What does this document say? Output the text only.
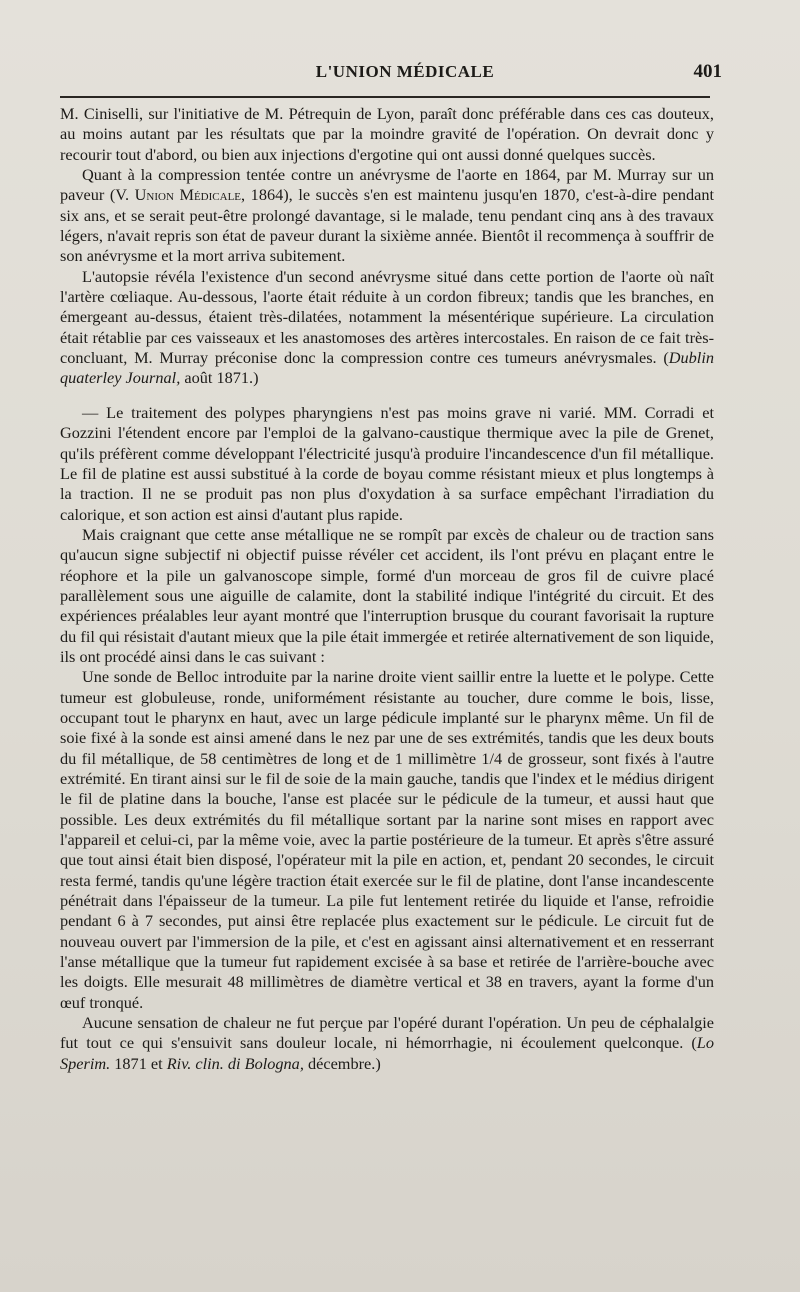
L'UNION MÉDICALE	401

M. Ciniselli, sur l'initiative de M. Pétrequin de Lyon, paraît donc préférable dans ces cas douteux, au moins autant par les résultats que par la moindre gravité de l'opération. On devrait donc y recourir tout d'abord, ou bien aux injections d'ergotine qui ont aussi donné quelques succès.

Quant à la compression tentée contre un anévrysme de l'aorte en 1864, par M. Murray sur un paveur (V. Union Médicale, 1864), le succès s'en est maintenu jusqu'en 1870, c'est-à-dire pendant six ans, et se serait peut-être prolongé davantage, si le malade, tenu pendant cinq ans à des travaux légers, n'avait repris son état de paveur durant la sixième année. Bientôt il recommença à souffrir de son anévrysme et la mort arriva subitement.

L'autopsie révéla l'existence d'un second anévrysme situé dans cette portion de l'aorte où naît l'artère cœliaque. Au-dessous, l'aorte était réduite à un cordon fibreux; tandis que les branches, en émergeant au-dessus, étaient très-dilatées, notamment la mésentérique supérieure. La circulation était rétablie par ces vaisseaux et les anastomoses des artères intercostales. En raison de ce fait très-concluant, M. Murray préconise donc la compression contre ces tumeurs anévrysmales. (Dublin quaterley Journal, août 1871.)

— Le traitement des polypes pharyngiens n'est pas moins grave ni varié. MM. Corradi et Gozzini l'étendent encore par l'emploi de la galvano-caustique thermique avec la pile de Grenet, qu'ils préfèrent comme développant l'électricité jusqu'à produire l'incandescence d'un fil métallique. Le fil de platine est aussi substitué à la corde de boyau comme résistant mieux et plus longtemps à la traction. Il ne se produit pas non plus d'oxydation à sa surface empêchant l'irradiation du calorique, et son action est ainsi d'autant plus rapide.

Mais craignant que cette anse métallique ne se rompît par excès de chaleur ou de traction sans qu'aucun signe subjectif ni objectif puisse révéler cet accident, ils l'ont prévu en plaçant entre le réophore et la pile un galvanoscope simple, formé d'un morceau de gros fil de cuivre placé parallèlement sous une aiguille de calamite, dont la stabilité indique l'intégrité du circuit. Et des expériences préalables leur ayant montré que l'interruption brusque du courant favorisait la rupture du fil qui résistait d'autant mieux que la pile était immergée et retirée alternativement de son liquide, ils ont procédé ainsi dans le cas suivant :

Une sonde de Belloc introduite par la narine droite vient saillir entre la luette et le polype. Cette tumeur est globuleuse, ronde, uniformément résistante au toucher, dure comme le bois, lisse, occupant tout le pharynx en haut, avec un large pédicule implanté sur le pharynx même. Un fil de soie fixé à la sonde est ainsi amené dans le nez par une de ses extrémités, tandis que les deux bouts du fil métallique, de 58 centimètres de long et de 1 millimètre 1/4 de grosseur, sont fixés à l'autre extrémité. En tirant ainsi sur le fil de soie de la main gauche, tandis que l'index et le médius dirigent le fil de platine dans la bouche, l'anse est placée sur le pédicule de la tumeur, et aussi haut que possible. Les deux extrémités du fil métallique sortant par la narine sont mises en rapport avec l'appareil et celui-ci, par la même voie, avec la partie postérieure de la tumeur. Et après s'être assuré que tout ainsi était bien disposé, l'opérateur mit la pile en action, et, pendant 20 secondes, le circuit resta fermé, tandis qu'une légère traction était exercée sur le fil de platine, dont l'anse incandescente pénétrait dans l'épaisseur de la tumeur. La pile fut lentement retirée du liquide et l'anse, refroidie pendant 6 à 7 secondes, put ainsi être replacée plus exactement sur le pédicule. Le circuit fut de nouveau ouvert par l'immersion de la pile, et c'est en agissant ainsi alternativement et en resserrant l'anse métallique que la tumeur fut rapidement excisée à sa base et retirée de l'arrière-bouche avec les doigts. Elle mesurait 48 millimètres de diamètre vertical et 38 en travers, ayant la forme d'un œuf tronqué.

Aucune sensation de chaleur ne fut perçue par l'opéré durant l'opération. Un peu de céphalalgie fut tout ce qui s'ensuivit sans douleur locale, ni hémorrhagie, ni écoulement quelconque. (Lo Sperim. 1871 et Riv. clin. di Bologna, décembre.)
